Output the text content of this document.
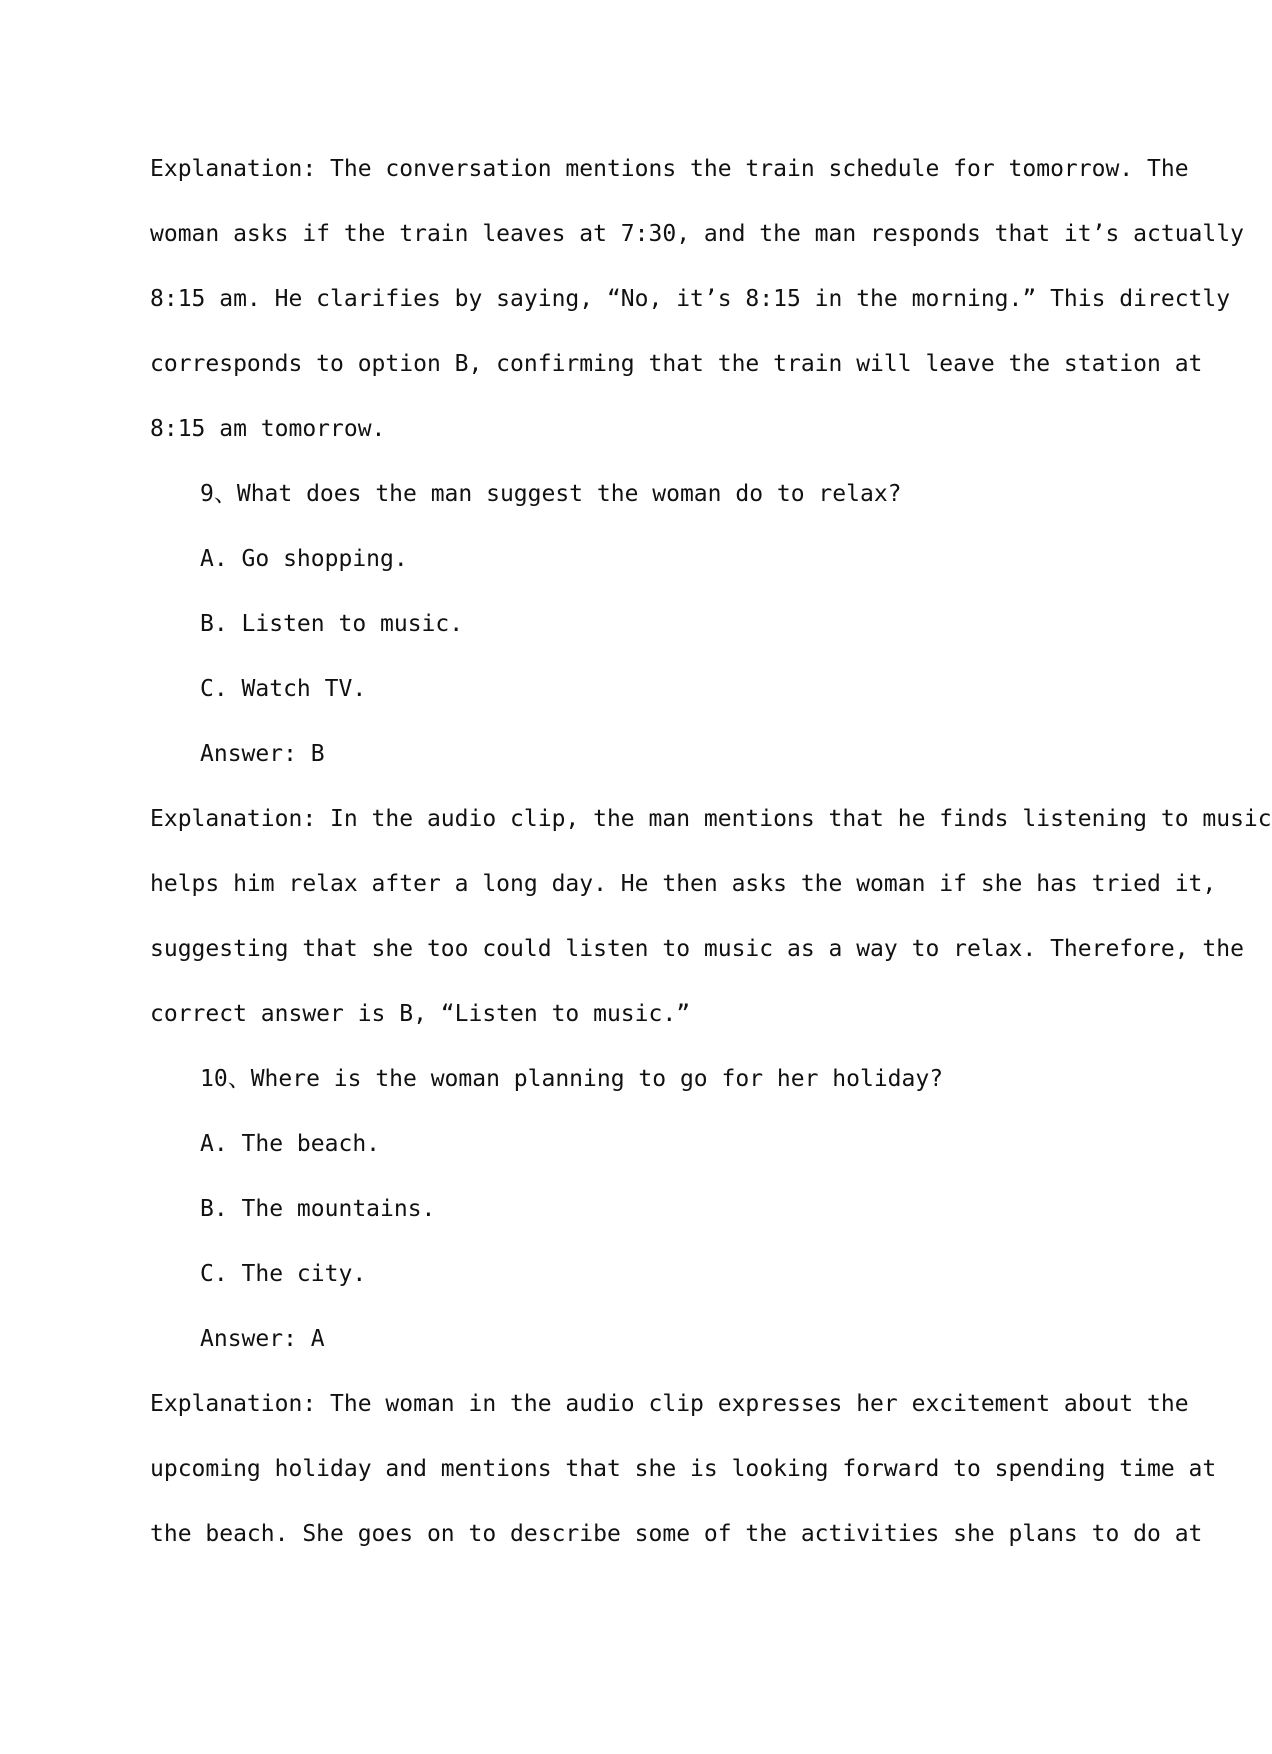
Explanation: The conversation mentions the train schedule for tomorrow. The
woman asks if the train leaves at 7:30, and the man responds that it’s actually
8:15 am. He clarifies by saying, “No, it’s 8:15 in the morning.” This directly
corresponds to option B, confirming that the train will leave the station at
8:15 am tomorrow.
9、What does the man suggest the woman do to relax?
A. Go shopping.
B. Listen to music.
C. Watch TV.
Answer: B
Explanation: In the audio clip, the man mentions that he finds listening to music
helps him relax after a long day. He then asks the woman if she has tried it,
suggesting that she too could listen to music as a way to relax. Therefore, the
correct answer is B, “Listen to music.”
10、Where is the woman planning to go for her holiday?
A. The beach.
B. The mountains.
C. The city.
Answer: A
Explanation: The woman in the audio clip expresses her excitement about the
upcoming holiday and mentions that she is looking forward to spending time at
the beach. She goes on to describe some of the activities she plans to do at
